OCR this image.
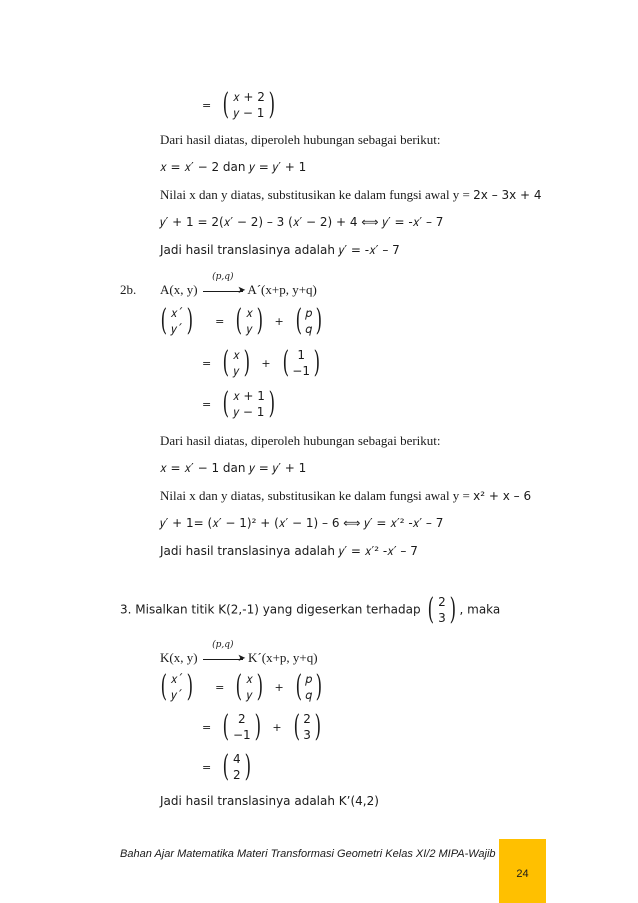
= ( 𝑥 + 2
𝑦 − 1 )
Dari hasil diatas, diperoleh hubungan sebagai berikut:
𝑥 = 𝑥′ − 2 dan 𝑦 = 𝑦′ + 1
Nilai x dan y diatas, substitusikan ke dalam fungsi awal y = 2x – 3x + 4
𝑦′ + 1 = 2(𝑥′ − 2) – 3 (𝑥′ − 2) + 4 ⟺ 𝑦′ = -𝑥′ – 7
Jadi hasil translasinya adalah 𝑦′ = -𝑥′ – 7
2b. A(x, y)
(p,q)
➤ A´(x+p, y+q)
( 𝑥´
𝑦´ ) = ( 𝑥
𝑦 ) + ( 𝑝
𝑞 )
= ( 𝑥
𝑦 ) + ( 1
−1 )
= ( 𝑥 + 1
𝑦 − 1 )
Dari hasil diatas, diperoleh hubungan sebagai berikut:
𝑥 = 𝑥′ − 1 dan 𝑦 = 𝑦′ + 1
Nilai x dan y diatas, substitusikan ke dalam fungsi awal y = x² + x – 6
𝑦′ + 1= (𝑥′ − 1)² + (𝑥′ − 1) – 6 ⟺ 𝑦′ = 𝑥′² -𝑥′ – 7
Jadi hasil translasinya adalah 𝑦′ = 𝑥′² -𝑥′ – 7
3. Misalkan titik K(2,-1) yang digeserkan terhadap ( 2
3 ) , maka
K(x, y)
(p,q)
➤ K´(x+p, y+q)
( 𝑥´
𝑦´ ) = ( 𝑥
𝑦 ) + ( 𝑝
𝑞 )
= ( 2
−1 ) + ( 2
3 )
= ( 4
2 )
Jadi hasil translasinya adalah K’(4,2)
Bahan Ajar Matematika Materi Transformasi Geometri Kelas XI/2 MIPA-Wajib
24
